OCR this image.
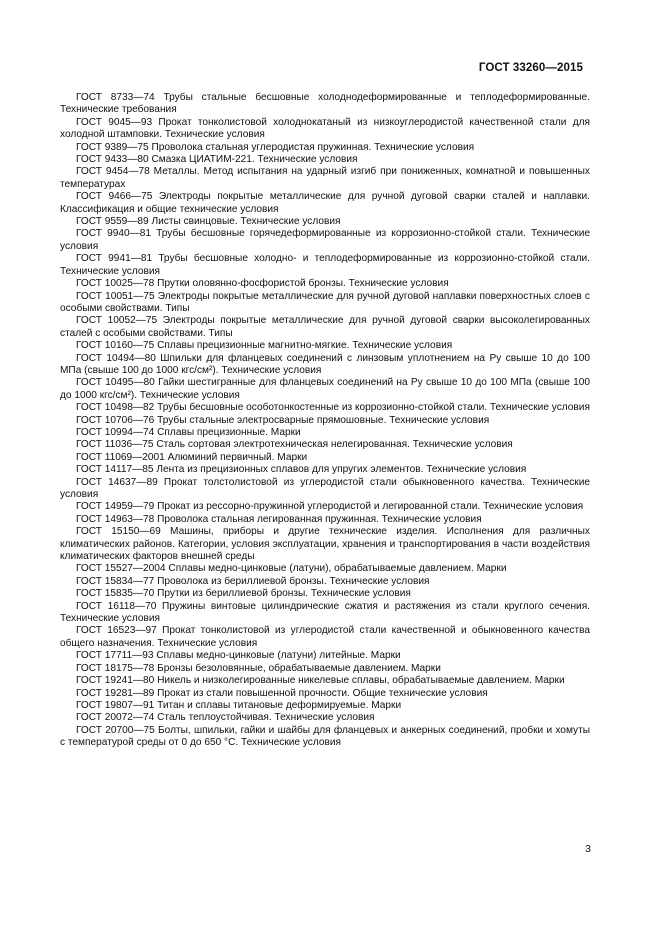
ГОСТ 33260—2015

ГОСТ 8733—74 Трубы стальные бесшовные холоднодеформированные и теплодеформированные. Технические требования

ГОСТ 9045—93 Прокат тонколистовой холоднокатаный из низкоуглеродистой качественной стали для холодной штамповки. Технические условия

ГОСТ 9389—75 Проволока стальная углеродистая пружинная. Технические условия

ГОСТ 9433—80 Смазка ЦИАТИМ-221. Технические условия

ГОСТ 9454—78 Металлы. Метод испытания на ударный изгиб при пониженных, комнатной и повышенных температурах

ГОСТ 9466—75 Электроды покрытые металлические для ручной дуговой сварки сталей и наплавки. Классификация и общие технические условия

ГОСТ 9559—89 Листы свинцовые. Технические условия

ГОСТ 9940—81 Трубы бесшовные горячедеформированные из коррозионно-стойкой стали. Технические условия

ГОСТ 9941—81 Трубы бесшовные холодно- и теплодеформированные из коррозионно-стойкой стали. Технические условия

ГОСТ 10025—78 Прутки оловянно-фосфористой бронзы. Технические условия

ГОСТ 10051—75 Электроды покрытые металлические для ручной дуговой наплавки поверхностных слоев с особыми свойствами. Типы

ГОСТ 10052—75 Электроды покрытые металлические для ручной дуговой сварки высоколегированных сталей с особыми свойствами. Типы

ГОСТ 10160—75 Сплавы прецизионные магнитно-мягкие. Технические условия

ГОСТ 10494—80 Шпильки для фланцевых соединений с линзовым уплотнением на Ру свыше 10 до 100 МПа (свыше 100 до 1000 кгс/см²). Технические условия

ГОСТ 10495—80 Гайки шестигранные для фланцевых соединений на Ру свыше 10 до 100 МПа (свыше 100 до 1000 кгс/см²). Технические условия

ГОСТ 10498—82 Трубы бесшовные особотонкостенные из коррозионно-стойкой стали. Технические условия

ГОСТ 10706—76 Трубы стальные электросварные прямошовные. Технические условия

ГОСТ 10994—74 Сплавы прецизионные. Марки

ГОСТ 11036—75 Сталь сортовая электротехническая нелегированная. Технические условия

ГОСТ 11069—2001 Алюминий первичный. Марки

ГОСТ 14117—85 Лента из прецизионных сплавов для упругих элементов. Технические условия

ГОСТ 14637—89 Прокат толстолистовой из углеродистой стали обыкновенного качества. Технические условия

ГОСТ 14959—79 Прокат из рессорно-пружинной углеродистой и легированной стали. Технические условия

ГОСТ 14963—78 Проволока стальная легированная пружинная. Технические условия

ГОСТ 15150—69 Машины, приборы и другие технические изделия. Исполнения для различных климатических районов. Категории, условия эксплуатации, хранения и транспортирования в части воздействия климатических факторов внешней среды

ГОСТ 15527—2004 Сплавы медно-цинковые (латуни), обрабатываемые давлением. Марки

ГОСТ 15834—77 Проволока из бериллиевой бронзы. Технические условия

ГОСТ 15835—70 Прутки из бериллиевой бронзы. Технические условия

ГОСТ 16118—70 Пружины винтовые цилиндрические сжатия и растяжения из стали круглого сечения. Технические условия

ГОСТ 16523—97 Прокат тонколистовой из углеродистой стали качественной и обыкновенного качества общего назначения. Технические условия

ГОСТ 17711—93 Сплавы медно-цинковые (латуни) литейные. Марки

ГОСТ 18175—78 Бронзы безоловянные, обрабатываемые давлением. Марки

ГОСТ 19241—80 Никель и низколегированные никелевые сплавы, обрабатываемые давлением. Марки

ГОСТ 19281—89 Прокат из стали повышенной прочности. Общие технические условия

ГОСТ 19807—91 Титан и сплавы титановые деформируемые. Марки

ГОСТ 20072—74 Сталь теплоустойчивая. Технические условия

ГОСТ 20700—75 Болты, шпильки, гайки и шайбы для фланцевых и анкерных соединений, пробки и хомуты с температурой среды от 0 до 650 °С. Технические условия

3
